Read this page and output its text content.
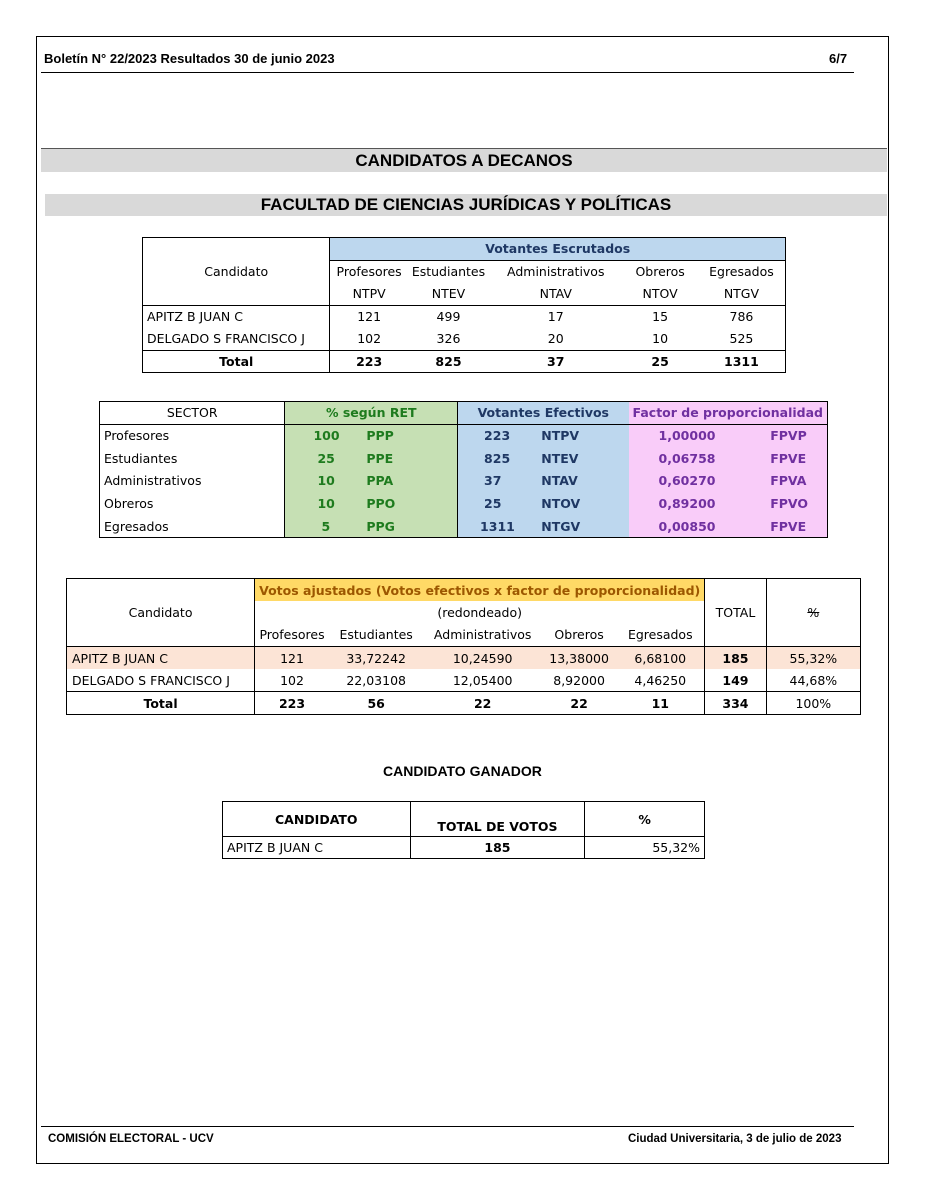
Boletín N° 22/2023 Resultados 30 de junio 2023	6/7
CANDIDATOS A DECANOS
FACULTAD DE CIENCIAS JURÍDICAS Y POLÍTICAS
Candidato	Votantes Escrutados				
	Profesores	Estudiantes	Administrativos	Obreros	Egresados
	NTPV	NTEV	NTAV	NTOV	NTGV
APITZ B JUAN C	121	499	17	15	786
DELGADO S FRANCISCO J	102	326	20	10	525
Total	223	825	37	25	1311
SECTOR	% según RET		Votantes Efectivos		Factor de proporcionalidad	
Profesores	100	PPP	223	NTPV	1,00000	FPVP
Estudiantes	25	PPE	825	NTEV	0,06758	FPVE
Administrativos	10	PPA	37	NTAV	0,60270	FPVA
Obreros	10	PPO	25	NTOV	0,89200	FPVO
Egresados	5	PPG	1311	NTGV	0,00850	FPVE
Candidato	Votos ajustados (Votos efectivos x factor de proporcionalidad)					TOTAL	%
	(redondeado)						
	Profesores	Estudiantes	Administrativos	Obreros	Egresados		
APITZ B JUAN C	121	33,72242	10,24590	13,38000	6,68100	185	55,32%
DELGADO S FRANCISCO J	102	22,03108	12,05400	8,92000	4,46250	149	44,68%
Total	223	56	22	22	11	334	100%
CANDIDATO GANADOR
CANDIDATO	TOTAL DE VOTOS	%
APITZ B JUAN C	185	55,32%
COMISIÓN ELECTORAL - UCV	Ciudad Universitaria, 3 de julio de 2023
